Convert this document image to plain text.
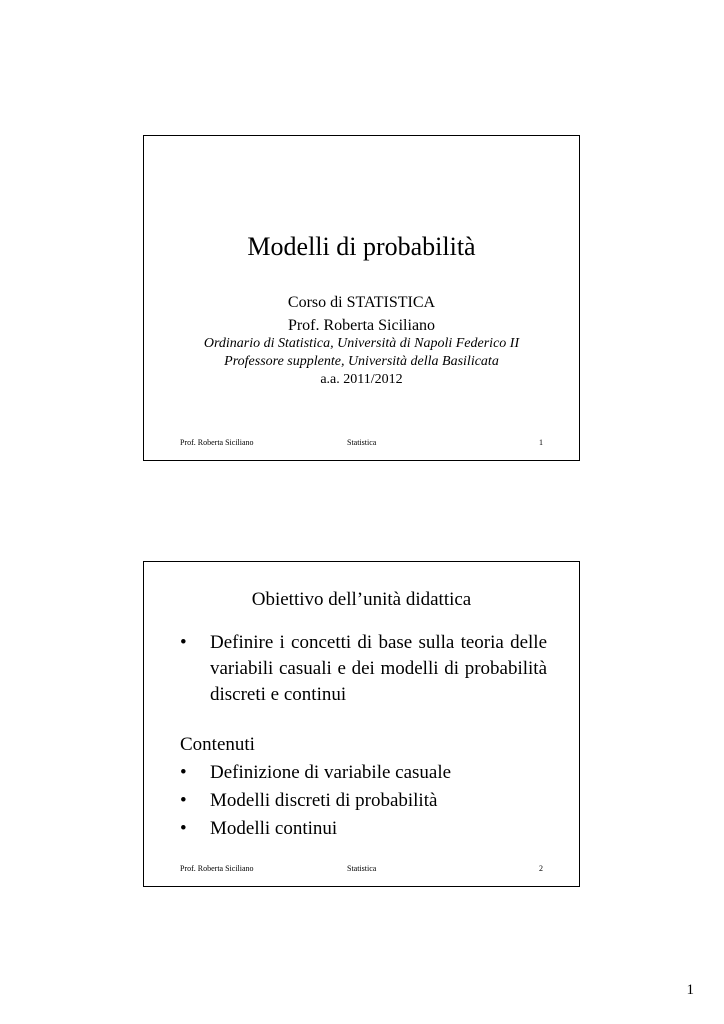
Modelli di probabilità
Corso di STATISTICA
Prof. Roberta Siciliano
Ordinario di Statistica, Università di Napoli Federico II
Professore supplente, Università della Basilicata
a.a. 2011/2012
Prof. Roberta Siciliano	Statistica	1
Obiettivo dell’unità didattica
• Definire i concetti di base sulla teoria delle variabili casuali e dei modelli di probabilità discreti e continui
Contenuti
• Definizione di variabile casuale
• Modelli discreti di probabilità
• Modelli continui
Prof. Roberta Siciliano	Statistica	2
1
